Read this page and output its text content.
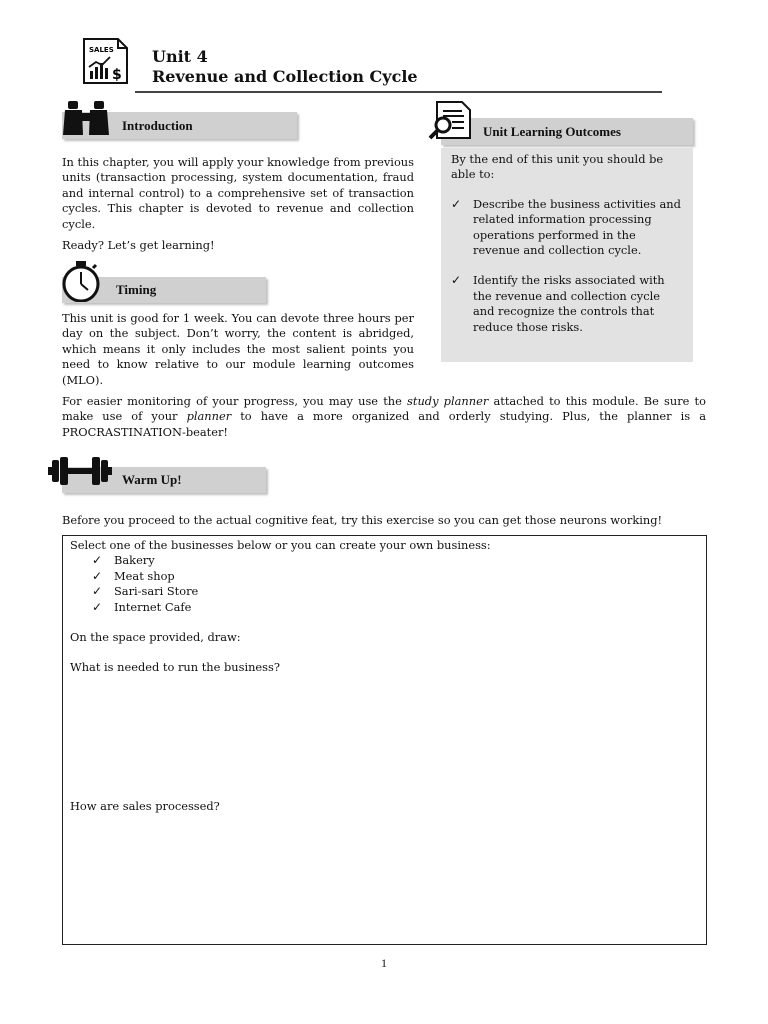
SALES
$
Unit 4
Revenue and Collection Cycle
Introduction
In this chapter, you will apply your knowledge from previous units (transaction processing, system documentation, fraud and internal control) to a comprehensive set of transaction cycles. This chapter is devoted to revenue and collection cycle.
Ready? Let’s get learning!
Timing
This unit is good for 1 week. You can devote three hours per day on the subject. Don’t worry, the content is abridged, which means it only includes the most salient points you need to know relative to our module learning outcomes (MLO).
Unit Learning Outcomes
By the end of this unit you should be able to:
✓	Describe the business activities and related information processing operations performed in the revenue and collection cycle.
✓	Identify the risks associated with the revenue and collection cycle and recognize the controls that reduce those risks.
For easier monitoring of your progress, you may use the study planner attached to this module. Be sure to make use of your planner to have a more organized and orderly studying. Plus, the planner is a PROCRASTINATION-beater!
Warm Up!
Before you proceed to the actual cognitive feat, try this exercise so you can get those neurons working!
Select one of the businesses below or you can create your own business:
✓	Bakery
✓	Meat shop
✓	Sari-sari Store
✓	Internet Cafe
On the space provided, draw:
What is needed to run the business?
How are sales processed?
1
